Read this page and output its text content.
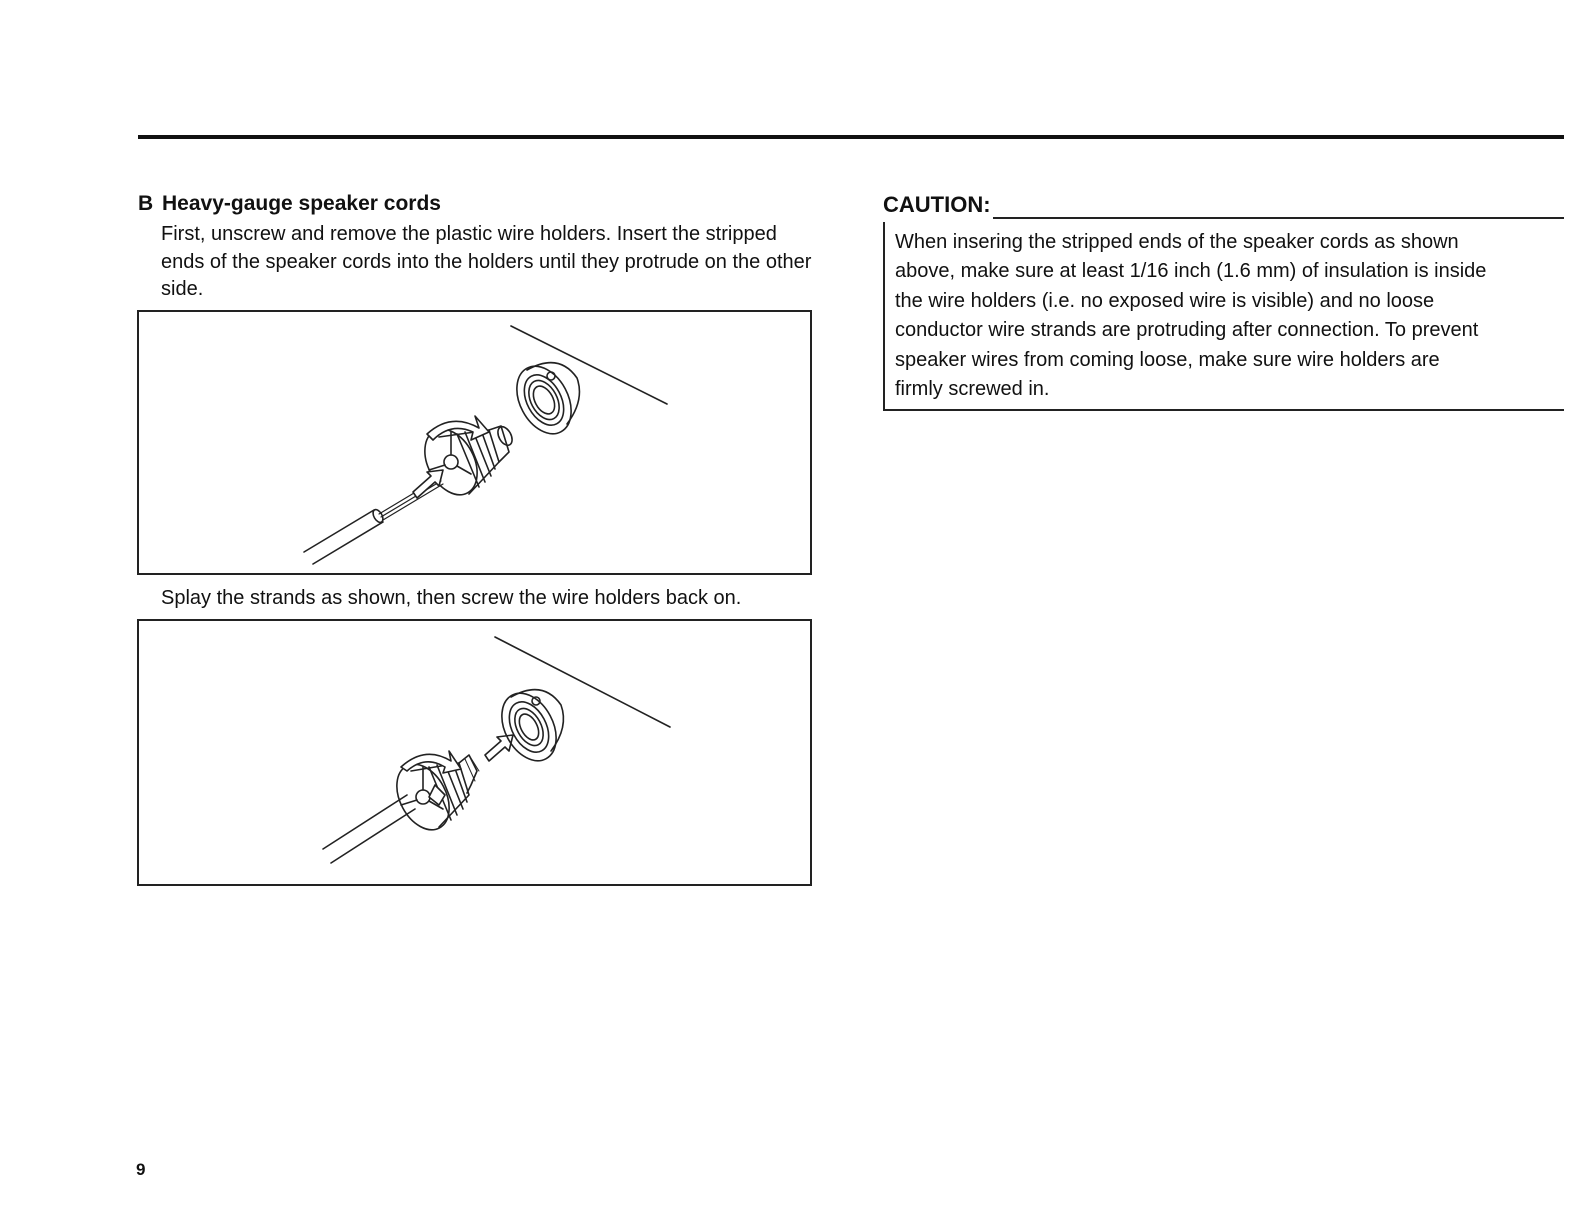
B Heavy-gauge speaker cords
First, unscrew and remove the plastic wire holders. Insert the stripped ends of the speaker cords into the holders until they protrude on the other side.
Splay the strands as shown, then screw the wire holders back on.
CAUTION:
When insering the stripped ends of the speaker cords as shown
above, make sure at least 1/16 inch (1.6 mm) of insulation is inside
the wire holders (i.e. no exposed wire is visible) and no loose
conductor wire strands are protruding after connection. To prevent
speaker wires from coming loose, make sure wire holders are
firmly screwed in.
9
